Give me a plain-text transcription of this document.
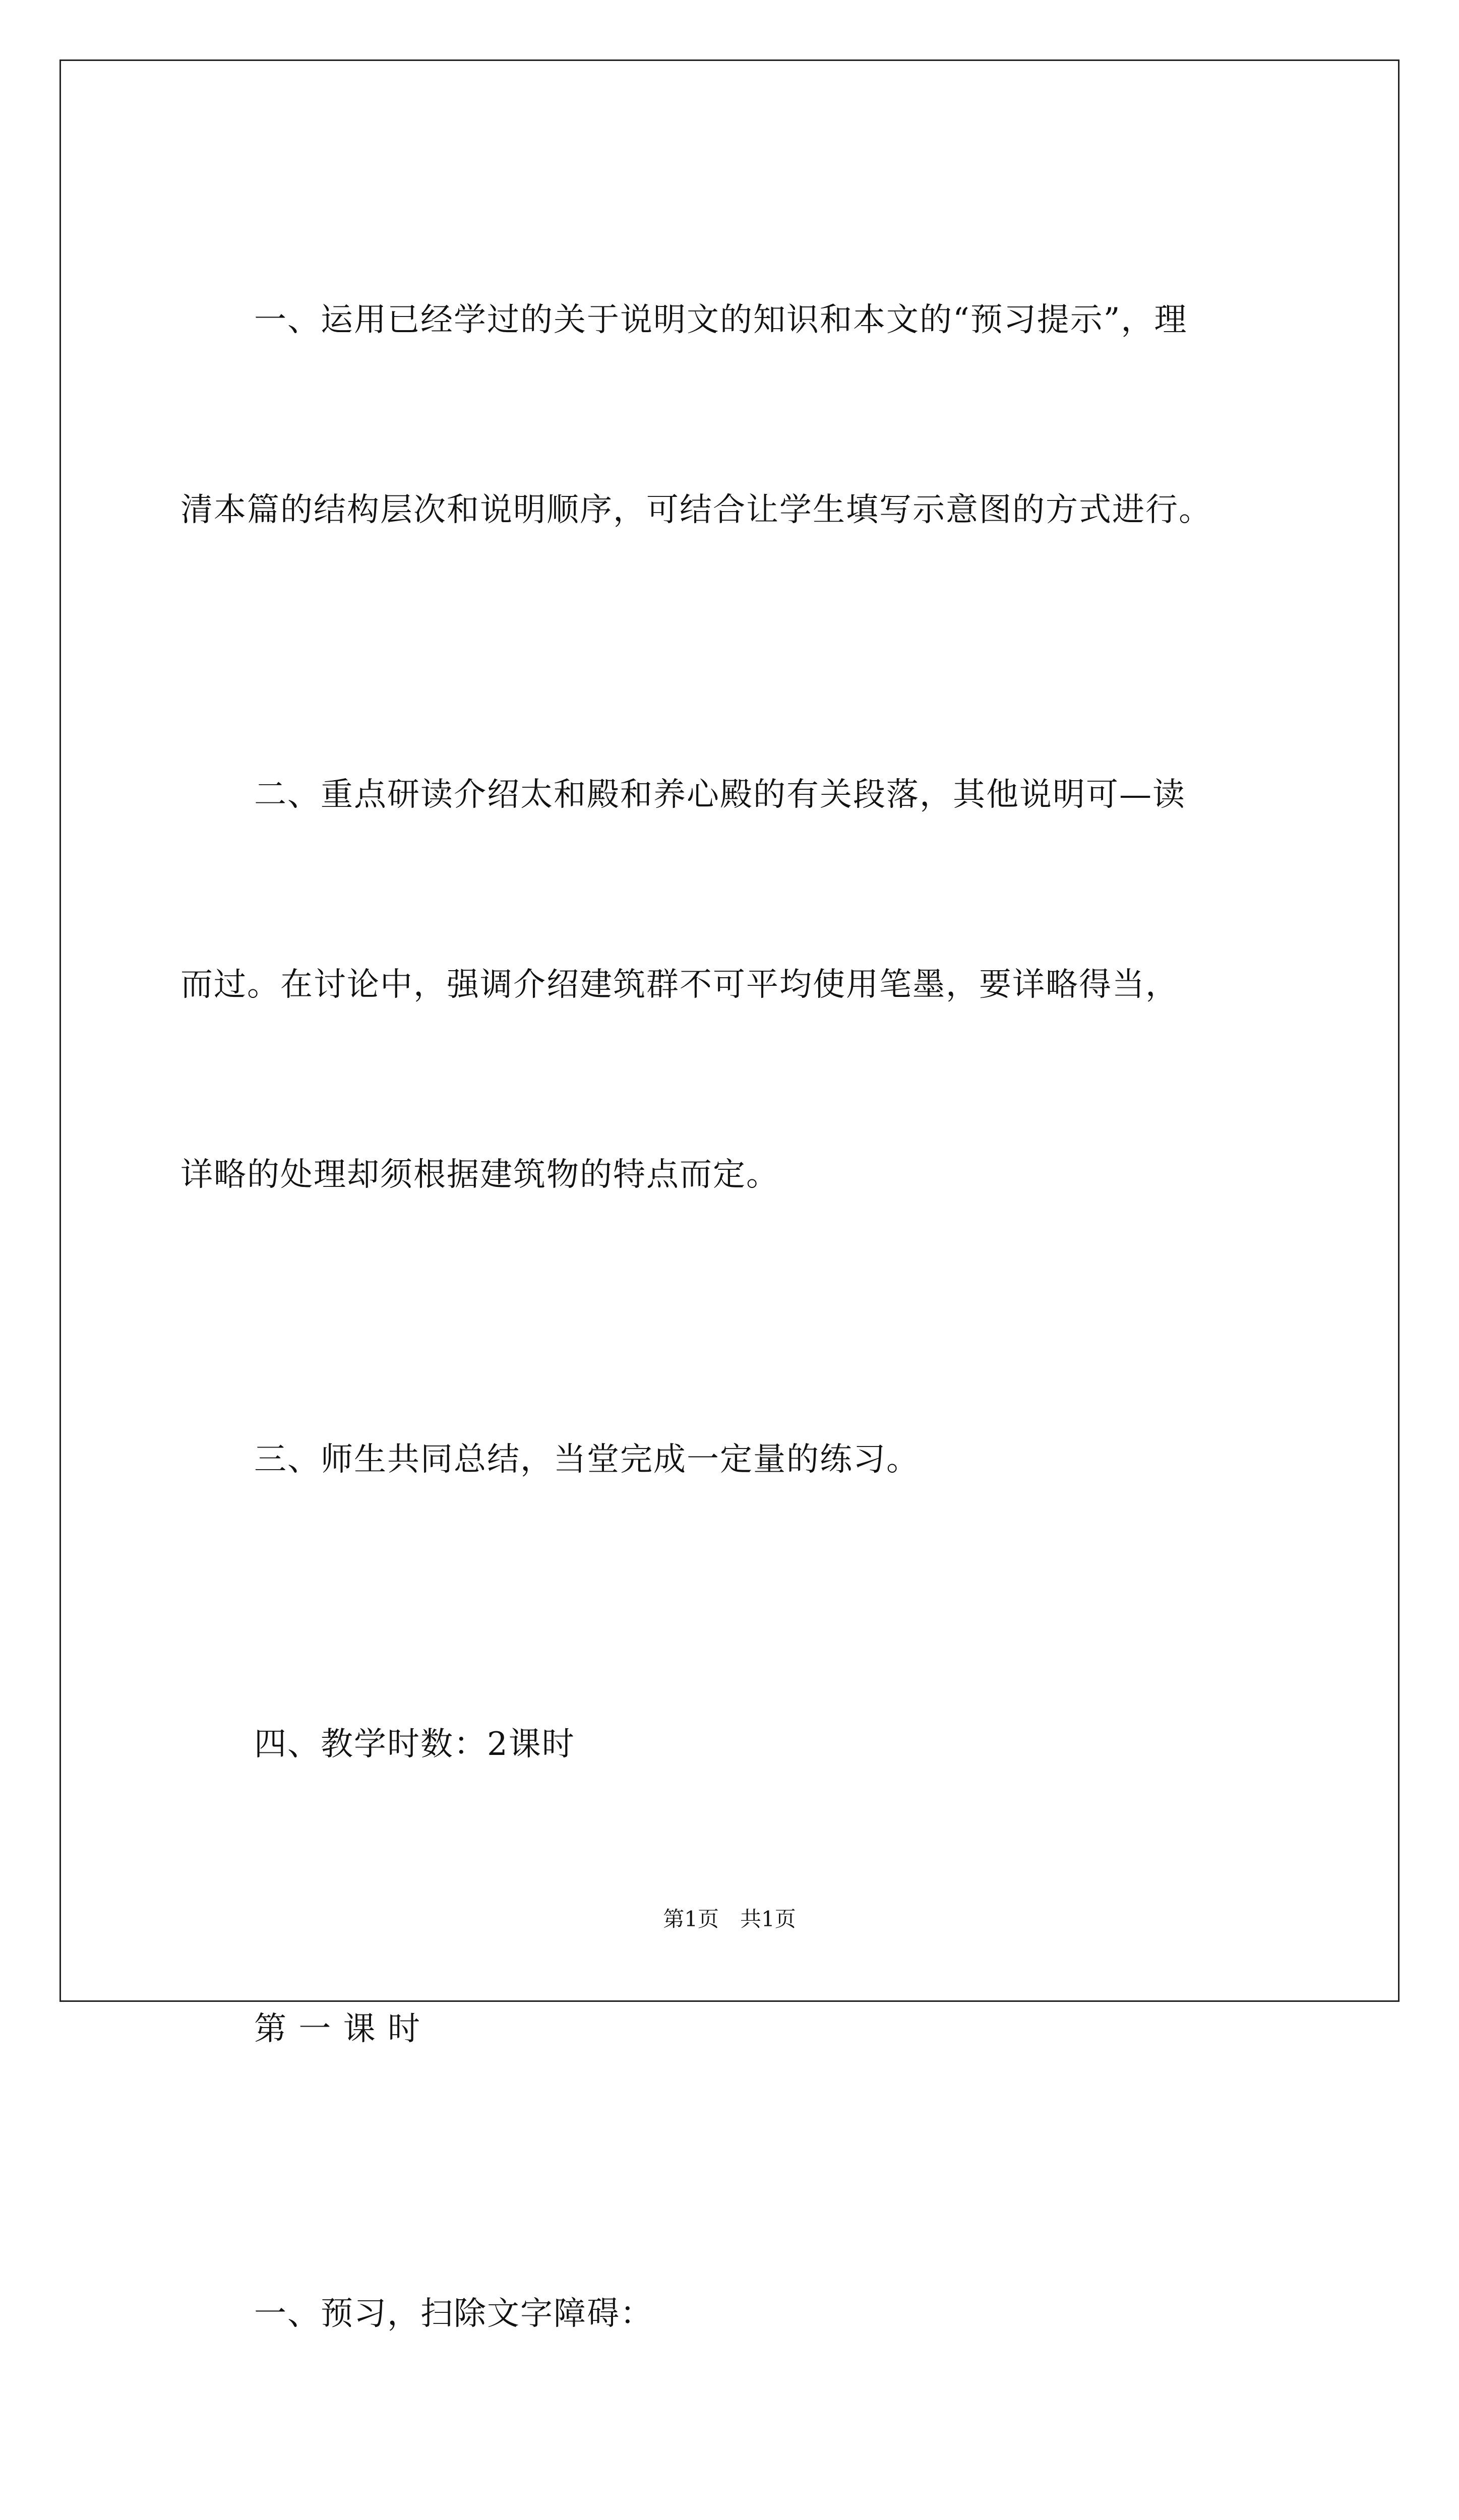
一、运用已经学过的关于说明文的知识和本文的“预习提示”，理

清本篇的结构层次和说明顺序，可结合让学生填写示意图的方式进行。

二、重点研读介绍太和殿和养心殿的有关段落，其他说明可—读

而过。在讨论中，强调介绍建筑群不可平均使用笔墨，要详略得当，

详略的处理却须根据建筑物的特点而定。

三、师生共同总结，当堂完成一定量的练习。

四、教学时数：2课时

第 一 课 时

一、预习，扫除文字障碍：

第1页　共1页
